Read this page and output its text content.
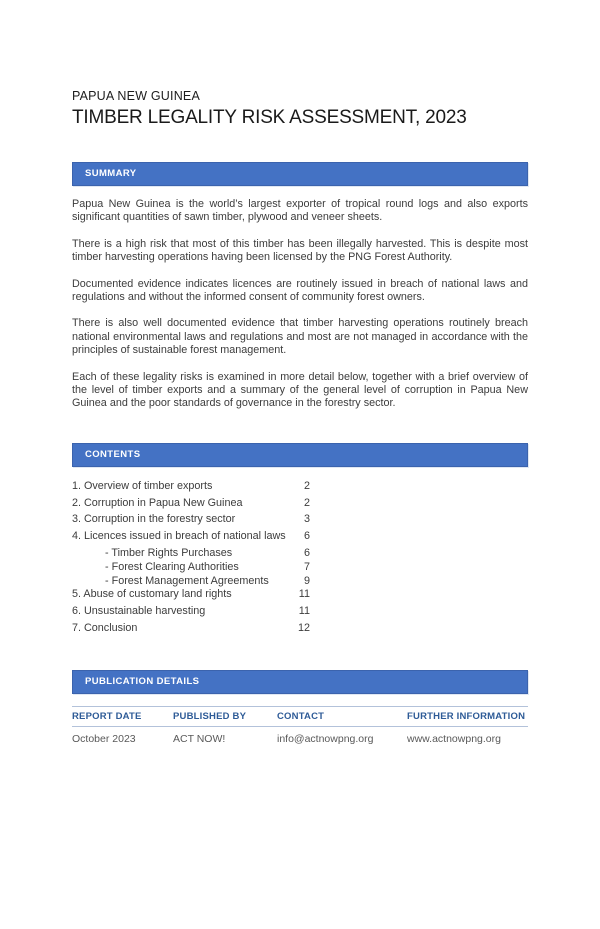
PAPUA NEW GUINEA
TIMBER LEGALITY RISK ASSESSMENT, 2023
SUMMARY

Papua New Guinea is the world’s largest exporter of tropical round logs and also exports significant quantities of sawn timber, plywood and veneer sheets.

There is a high risk that most of this timber has been illegally harvested. This is despite most timber harvesting operations having been licensed by the PNG Forest Authority.

Documented evidence indicates licences are routinely issued in breach of national laws and regulations and without the informed consent of community forest owners.

There is also well documented evidence that timber harvesting operations routinely breach national environmental laws and regulations and most are not managed in accordance with the principles of sustainable forest management.

Each of these legality risks is examined in more detail below, together with a brief overview of the level of timber exports and a summary of the general level of corruption in Papua New Guinea and the poor standards of governance in the forestry sector.

CONTENTS
1. Overview of timber exports	2
2. Corruption in Papua New Guinea	2
3. Corruption in the forestry sector	3
4. Licences issued in breach of national laws	6
- Timber Rights Purchases	6
- Forest Clearing Authorities	7
- Forest Management Agreements	9
5. Abuse of customary land rights	11
6. Unsustainable harvesting	11
7. Conclusion	12
PUBLICATION DETAILS
REPORT DATE	PUBLISHED BY	CONTACT	FURTHER INFORMATION
October 2023	ACT NOW!	info@actnowpng.org	www.actnowpng.org
